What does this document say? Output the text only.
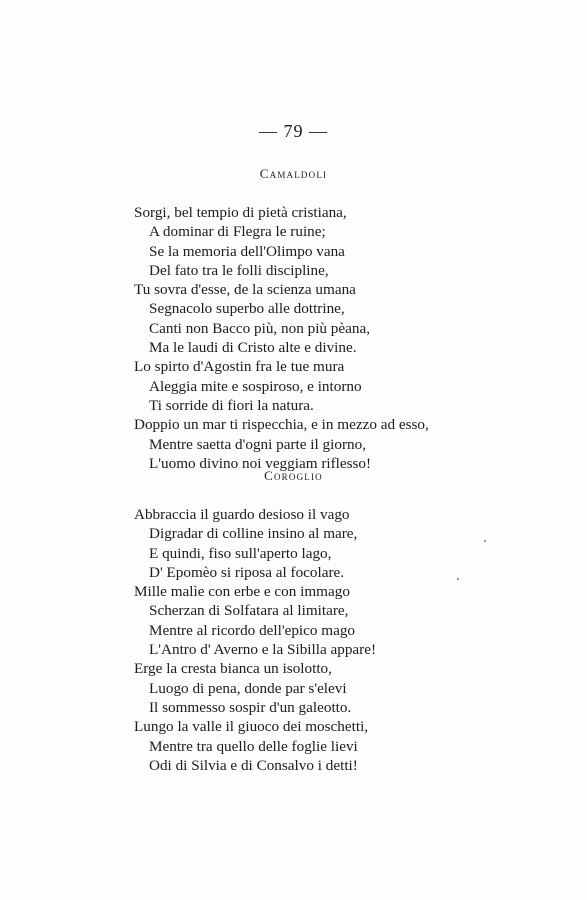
— 79 —
Camaldoli
Sorgi, bel tempio di pietà cristiana,
A dominar di Flegra le ruine;
Se la memoria dell'Olimpo vana
Del fato tra le folli discipline,
Tu sovra d'esse, de la scienza umana
Segnacolo superbo alle dottrine,
Canti non Bacco più, non più pèana,
Ma le laudi di Cristo alte e divine.
Lo spirto d'Agostin fra le tue mura
Aleggia mite e sospiroso, e intorno
Ti sorride di fiori la natura.
Doppio un mar ti rispecchia, e in mezzo ad esso,
Mentre saetta d'ogni parte il giorno,
L'uomo divino noi veggiam riflesso!
Coroglio
Abbraccia il guardo desioso il vago
Digradar di colline insino al mare,
E quindi, fiso sull'aperto lago,
D' Epomèo si riposa al focolare.
Mille malìe con erbe e con immago
Scherzan di Solfatara al limitare,
Mentre al ricordo dell'epico mago
L'Antro d' Averno e la Sibilla appare!
Erge la cresta bianca un isolotto,
Luogo di pena, donde par s'elevi
Il sommesso sospir d'un galeotto.
Lungo la valle il giuoco dei moschetti,
Mentre tra quello delle foglie lievi
Odi di Silvia e di Consalvo i detti!
